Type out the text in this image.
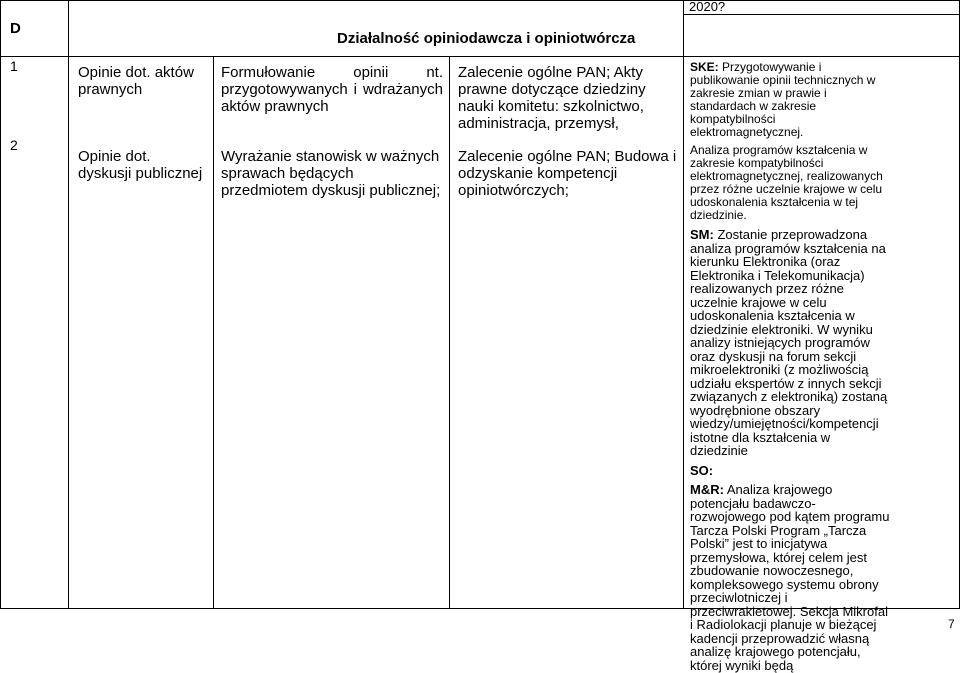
D
Działalność opiniodawcza i opiniotwórcza
2020?
1	Opinie dot. aktów prawnych
Formułowanie opinii nt. przygotowywanych i wdrażanych aktów prawnych
Zalecenie ogólne PAN; Akty prawne dotyczące dziedziny nauki komitetu: szkolnictwo, administracja, przemysł,
2
Opinie dot. dyskusji publicznej
Wyrażanie stanowisk w ważnych sprawach będących przedmiotem dyskusji publicznej;
Zalecenie ogólne PAN; Budowa i odzyskanie kompetencji opiniotwórczych;

SKE: Przygotowywanie i publikowanie opinii technicznych w zakresie zmian w prawie i standardach w zakresie kompatybilności elektromagnetycznej.

Analiza programów kształcenia w zakresie kompatybilności elektromagnetycznej, realizowanych przez różne uczelnie krajowe w celu udoskonalenia kształcenia w tej dziedzinie.

SM: Zostanie przeprowadzona analiza programów kształcenia na kierunku Elektronika (oraz Elektronika i Telekomunikacja) realizowanych przez różne uczelnie krajowe w celu udoskonalenia kształcenia w dziedzinie elektroniki. W wyniku analizy istniejących programów oraz dyskusji na forum sekcji mikroelektroniki (z możliwością udziału ekspertów z innych sekcji związanych z elektroniką) zostaną wyodrębnione obszary wiedzy/umiejętności/kompetencji istotne dla kształcenia w dziedzinie

SO:

M&R: Analiza krajowego potencjału badawczo-rozwojowego pod kątem programu Tarcza Polski Program „Tarcza Polski” jest to inicjatywa przemysłowa, której celem jest zbudowanie nowoczesnego, kompleksowego systemu obrony przeciwlotniczej i przeciwrakietowej. Sekcja Mikrofal i Radiolokacji planuje w bieżącej kadencji przeprowadzić własną analizę krajowego potencjału, której wyniki będą

7
